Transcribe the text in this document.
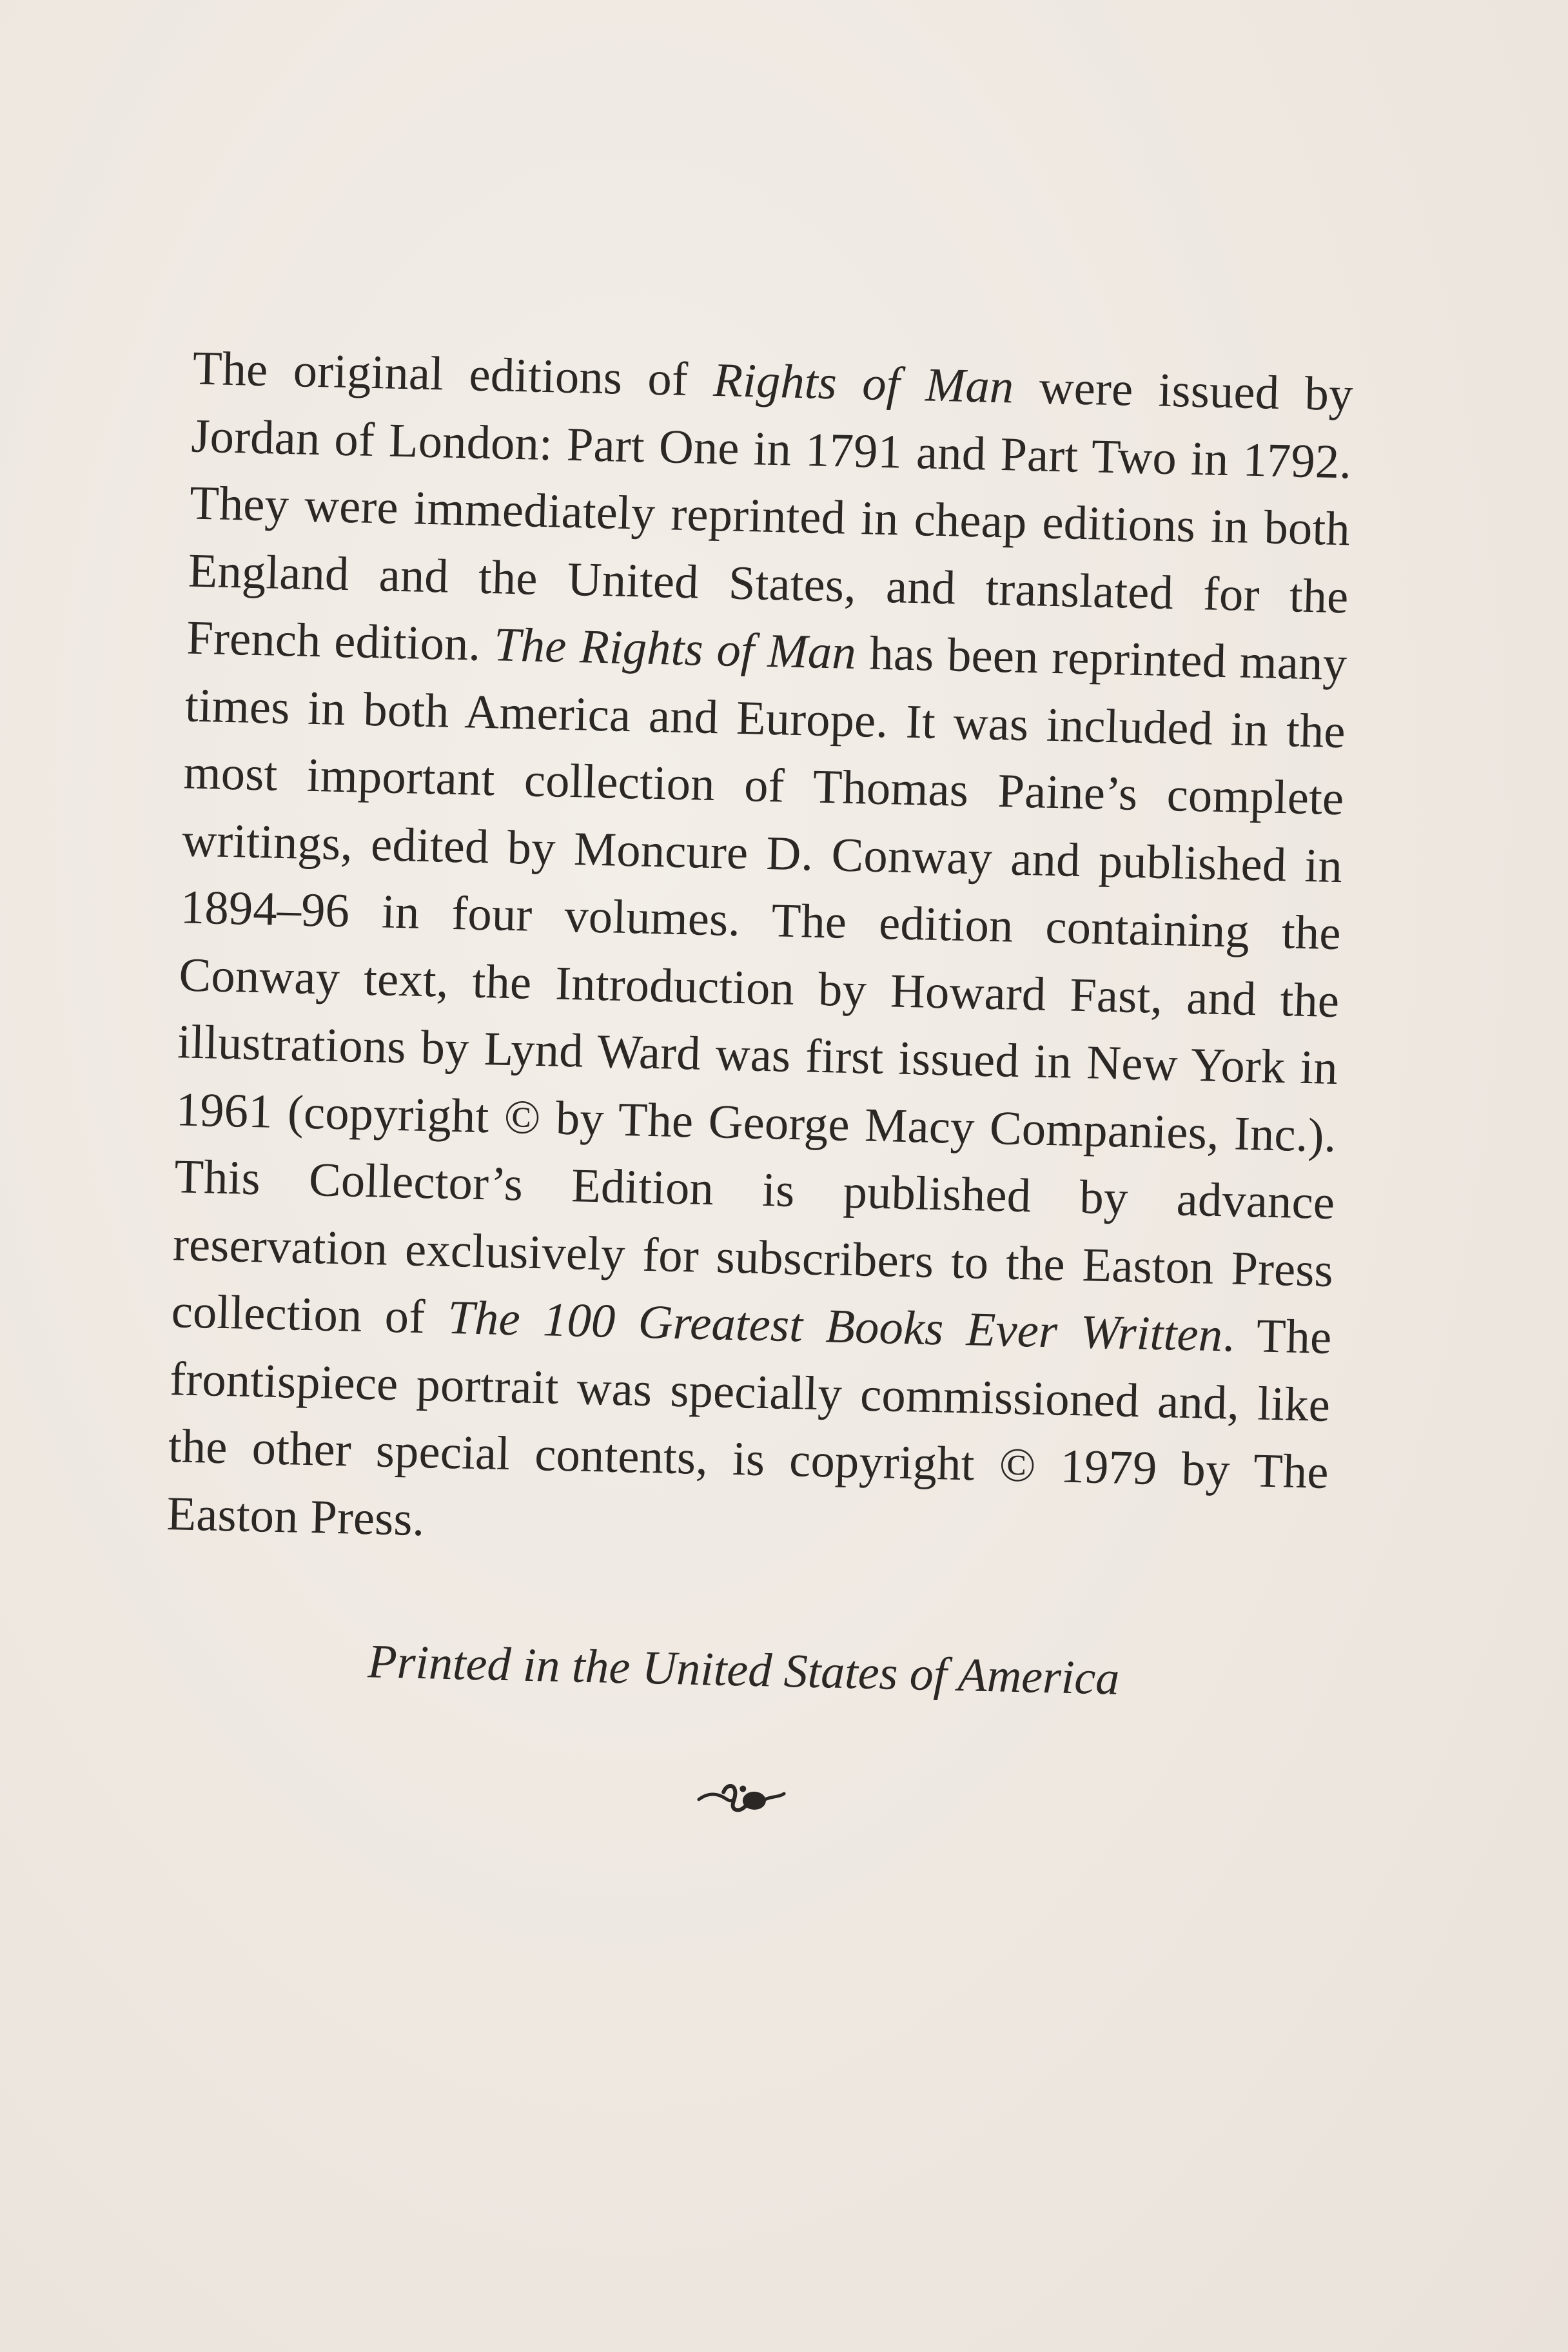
The original editions of Rights of Man were issued by Jordan of London: Part One in 1791 and Part Two in 1792. They were immediately reprinted in cheap editions in both England and the United States, and translated for the French edition. The Rights of Man has been reprinted many times in both America and Europe. It was included in the most important collection of Thomas Paine’s complete writings, edited by Moncure D. Conway and published in 1894–96 in four volumes. The edition containing the Conway text, the Introduction by Howard Fast, and the illustrations by Lynd Ward was first issued in New York in 1961 (copyright © by The George Macy Companies, Inc.). This Collector’s Edition is published by advance reservation exclusively for subscribers to the Easton Press collection of The 100 Greatest Books Ever Written. The frontispiece portrait was specially commissioned and, like the other special contents, is copyright © 1979 by The Easton Press.

Printed in the United States of America
